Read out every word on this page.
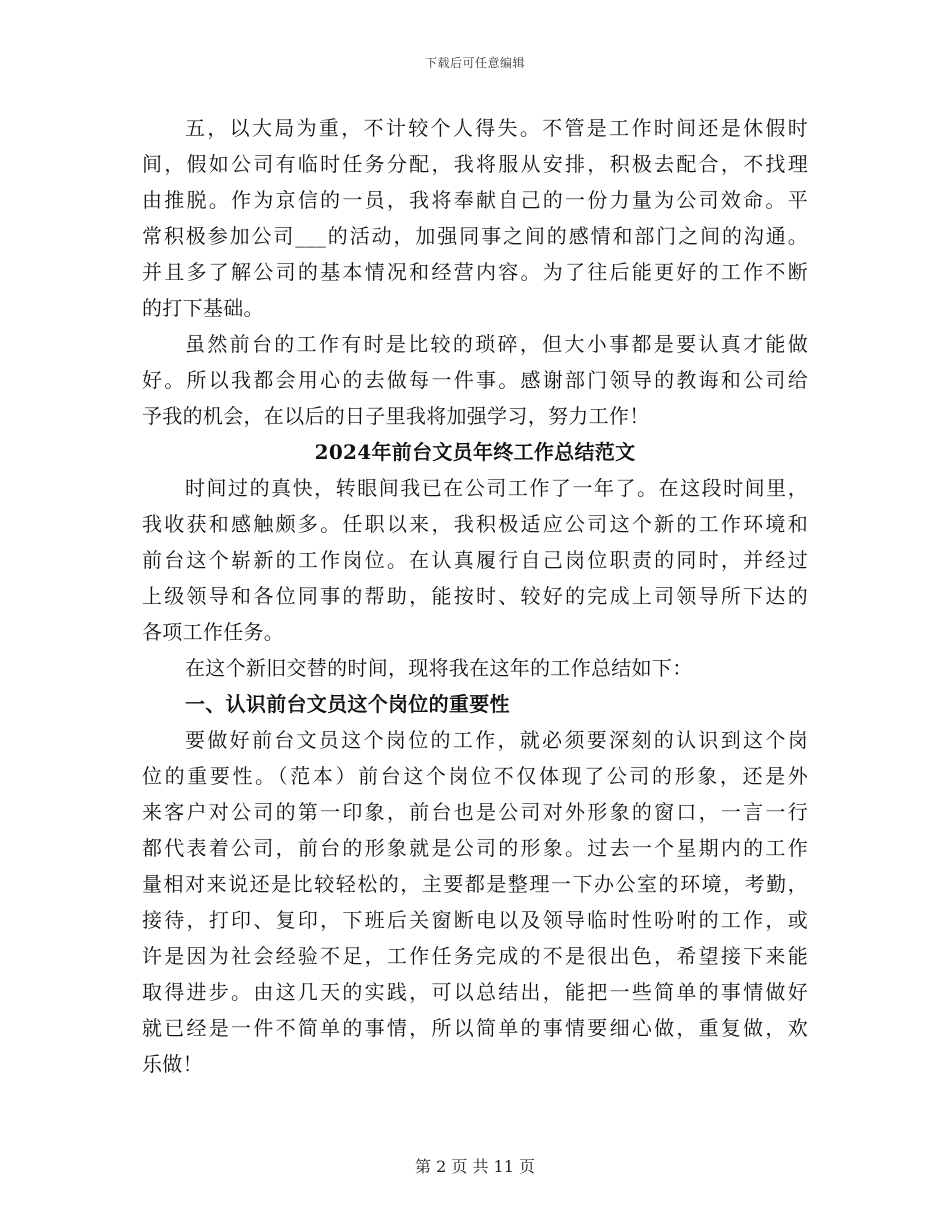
下载后可任意编辑
五，以大局为重，不计较个人得失。不管是工作时间还是休假时
间，假如公司有临时任务分配，我将服从安排，积极去配合，不找理
由推脱。作为京信的一员，我将奉献自己的一份力量为公司效命。平
常积极参加公司___的活动，加强同事之间的感情和部门之间的沟通。
并且多了解公司的基本情况和经营内容。为了往后能更好的工作不断
的打下基础。
虽然前台的工作有时是比较的琐碎，但大小事都是要认真才能做
好。所以我都会用心的去做每一件事。感谢部门领导的教诲和公司给
予我的机会，在以后的日子里我将加强学习，努力工作！
2024年前台文员年终工作总结范文
时间过的真快，转眼间我已在公司工作了一年了。在这段时间里，
我收获和感触颇多。任职以来，我积极适应公司这个新的工作环境和
前台这个崭新的工作岗位。在认真履行自己岗位职责的同时，并经过
上级领导和各位同事的帮助，能按时、较好的完成上司领导所下达的
各项工作任务。
在这个新旧交替的时间，现将我在这年的工作总结如下：
一、认识前台文员这个岗位的重要性
要做好前台文员这个岗位的工作，就必须要深刻的认识到这个岗
位的重要性。（范本）前台这个岗位不仅体现了公司的形象，还是外
来客户对公司的第一印象，前台也是公司对外形象的窗口，一言一行
都代表着公司，前台的形象就是公司的形象。过去一个星期内的工作
量相对来说还是比较轻松的，主要都是整理一下办公室的环境，考勤，
接待，打印、复印，下班后关窗断电以及领导临时性吩咐的工作，或
许是因为社会经验不足，工作任务完成的不是很出色，希望接下来能
取得进步。由这几天的实践，可以总结出，能把一些简单的事情做好
就已经是一件不简单的事情，所以简单的事情要细心做，重复做，欢
乐做！
第 2 页 共 11 页
